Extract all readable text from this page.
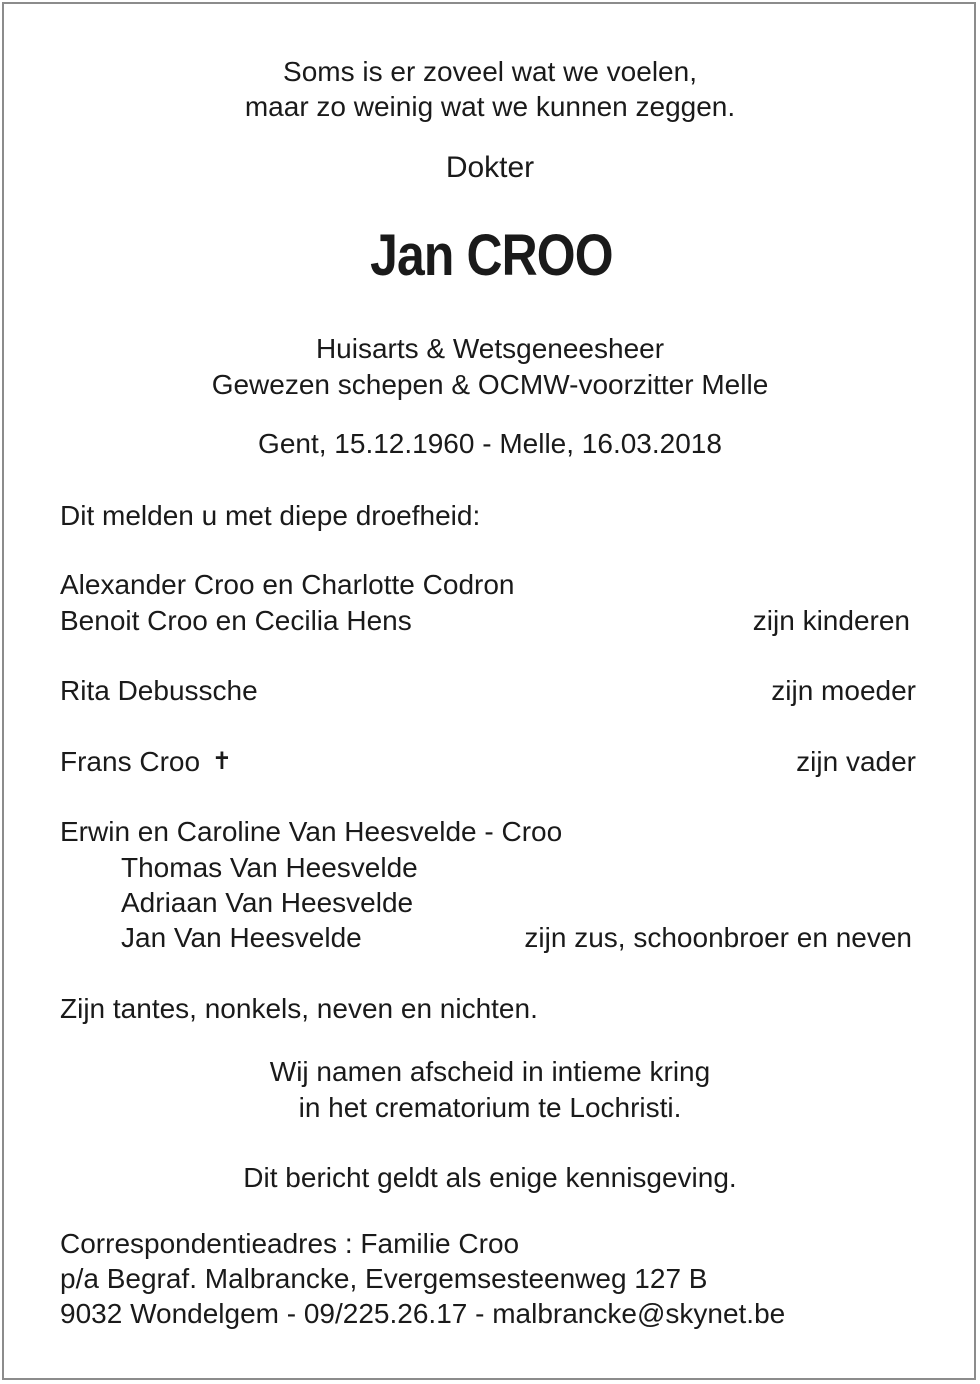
Soms is er zoveel wat we voelen,
maar zo weinig wat we kunnen zeggen.
Dokter
Jan CROO
Huisarts & Wetsgeneesheer
Gewezen schepen & OCMW-voorzitter Melle
Gent, 15.12.1960 - Melle, 16.03.2018
Dit melden u met diepe droefheid:
Alexander Croo en Charlotte Codron
Benoit Croo en Cecilia Hens	zijn kinderen
Rita Debussche	zijn moeder
Frans Croo ✝	zijn vader
Erwin en Caroline Van Heesvelde - Croo
Thomas Van Heesvelde
Adriaan Van Heesvelde
Jan Van Heesvelde	zijn zus, schoonbroer en neven
Zijn tantes, nonkels, neven en nichten.
Wij namen afscheid in intieme kring
in het crematorium te Lochristi.
Dit bericht geldt als enige kennisgeving.
Correspondentieadres : Familie Croo
p/a Begraf. Malbrancke, Evergemsesteenweg 127 B
9032 Wondelgem - 09/225.26.17 - malbrancke@skynet.be
